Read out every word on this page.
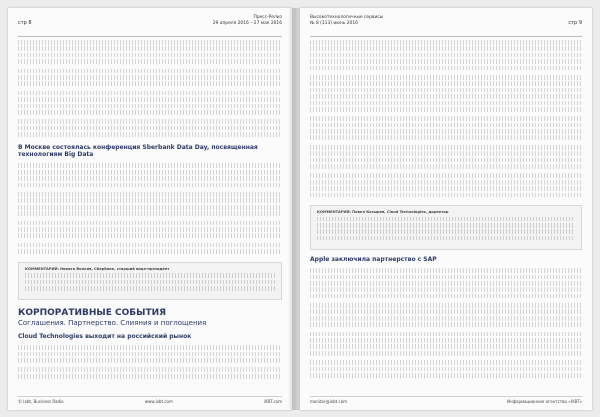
стр 8
Пресс-Релиз
29 апреля 2016 – 27 мая 2016
В Москве состоялась конференция Sberbank Data Day, посвященная технологиям Big Data
КОММЕНТАРИЙ: Никита Волков, Сбербанк, старший вице-президент
КОРПОРАТИВНЫЕ СОБЫТИЯ
Соглашения. Партнерство. Слияния и поглощения
Cloud Technologies выходит на российский рынок
© Ixbt, Business Radio	www.ixbt.com	iXBT.com
Высокотехнологичные сервисы
№ 8 (113) июнь 2016	стр 9
КОММЕНТАРИЙ: Павел Козырев, Cloud Technologies, директор
Apple заключила партнерство с SAP
monitor@ixbt.com	Информационное агентство «IXBT»
